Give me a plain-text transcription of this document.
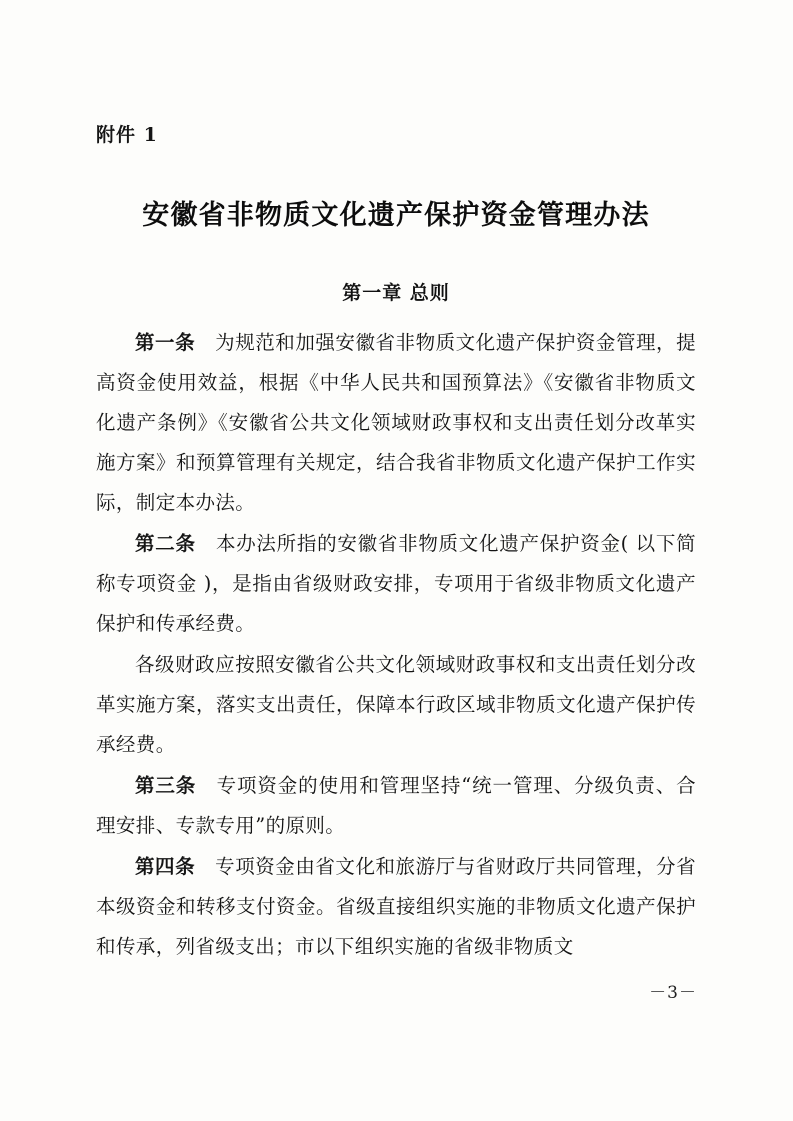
附件 1
安徽省非物质文化遗产保护资金管理办法
第一章 总则

第一条　为规范和加强安徽省非物质文化遗产保护资金管理，提高资金使用效益，根据《中华人民共和国预算法》《安徽省非物质文化遗产条例》《安徽省公共文化领域财政事权和支出责任划分改革实施方案》和预算管理有关规定，结合我省非物质文化遗产保护工作实际，制定本办法。

第二条　本办法所指的安徽省非物质文化遗产保护资金( 以下简称专项资金 )，是指由省级财政安排，专项用于省级非物质文化遗产保护和传承经费。

各级财政应按照安徽省公共文化领域财政事权和支出责任划分改革实施方案，落实支出责任，保障本行政区域非物质文化遗产保护传承经费。

第三条　专项资金的使用和管理坚持“统一管理、分级负责、合理安排、专款专用”的原则。

第四条　专项资金由省文化和旅游厅与省财政厅共同管理，分省本级资金和转移支付资金。省级直接组织实施的非物质文化遗产保护和传承，列省级支出；市以下组织实施的省级非物质文

－3－
